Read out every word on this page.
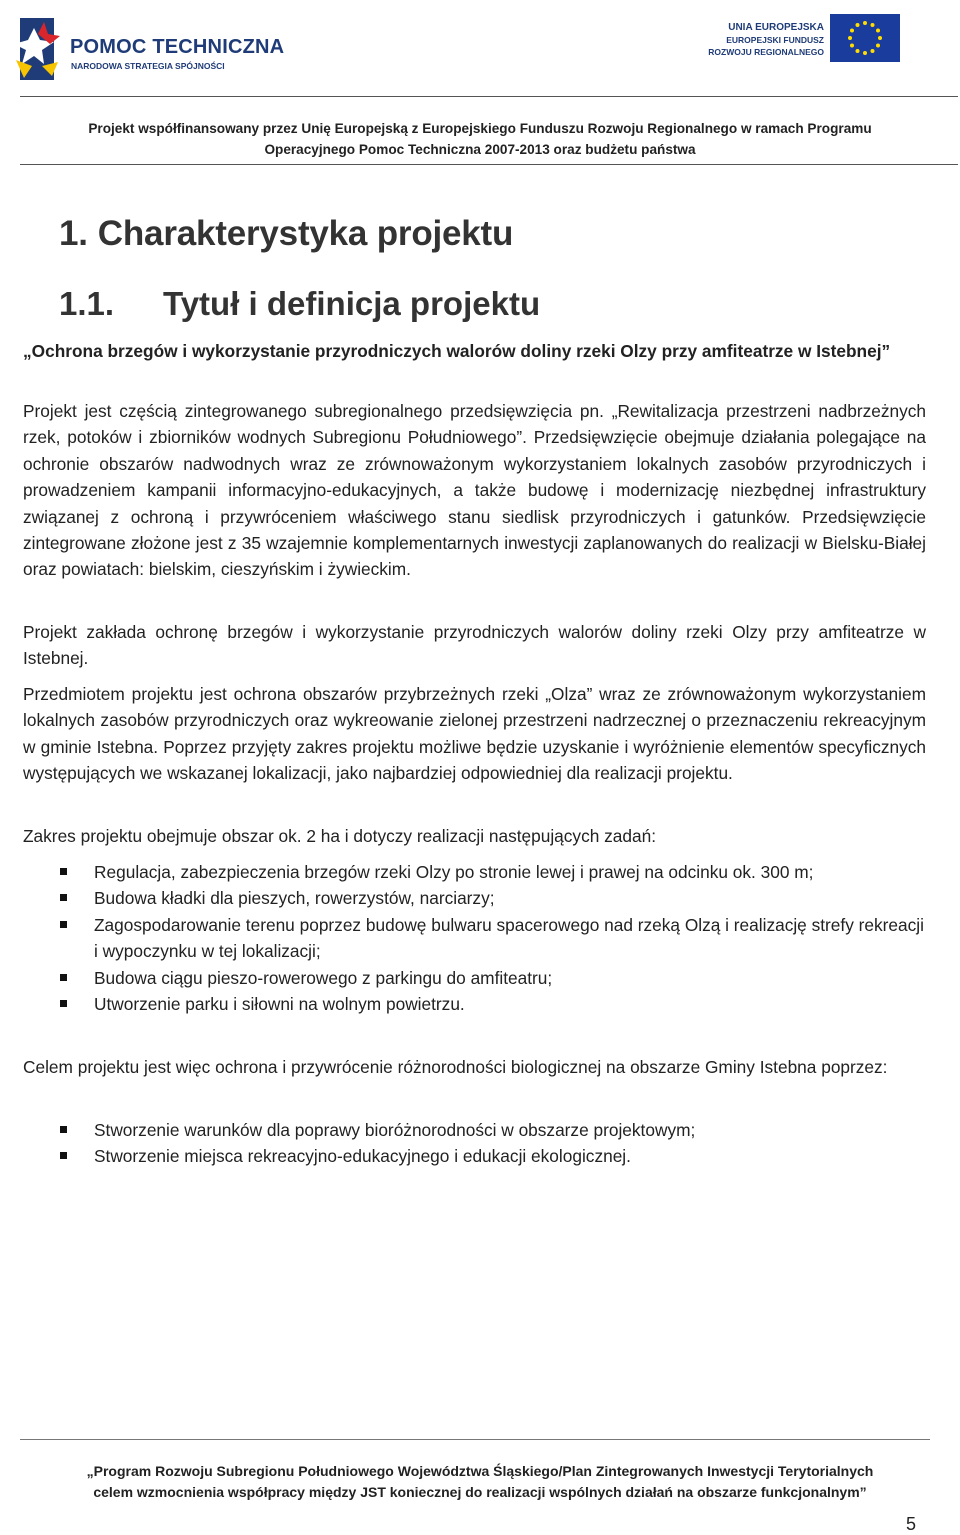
POMOC TECHNICZNA
NARODOWA STRATEGIA SPÓJNOŚCI
UNIA EUROPEJSKA
EUROPEJSKI FUNDUSZ
ROZWOJU REGIONALNEGO
Projekt współfinansowany przez Unię Europejską z Europejskiego Funduszu Rozwoju Regionalnego w ramach Programu
Operacyjnego Pomoc Techniczna 2007-2013 oraz budżetu państwa
1. Charakterystyka projektu
1.1. Tytuł i definicja projektu
„Ochrona brzegów i wykorzystanie przyrodniczych walorów doliny rzeki Olzy przy amfiteatrze w Istebnej”

Projekt jest częścią zintegrowanego subregionalnego przedsięwzięcia pn. „Rewitalizacja przestrzeni nadbrzeżnych rzek, potoków i zbiorników wodnych Subregionu Południowego”. Przedsięwzięcie obejmuje działania polegające na ochronie obszarów nadwodnych wraz ze zrównoważonym wykorzystaniem lokalnych zasobów przyrodniczych i prowadzeniem kampanii informacyjno-edukacyjnych, a także budowę i modernizację niezbędnej infrastruktury związanej z ochroną i przywróceniem właściwego stanu siedlisk przyrodniczych i gatunków. Przedsięwzięcie zintegrowane złożone jest z 35 wzajemnie komplementarnych inwestycji zaplanowanych do realizacji w Bielsku-Białej oraz powiatach: bielskim, cieszyńskim i żywieckim.

Projekt zakłada ochronę brzegów i wykorzystanie przyrodniczych walorów doliny rzeki Olzy przy amfiteatrze w Istebnej.

Przedmiotem projektu jest ochrona obszarów przybrzeżnych rzeki „Olza” wraz ze zrównoważonym wykorzystaniem lokalnych zasobów przyrodniczych oraz wykreowanie zielonej przestrzeni nadrzecznej o przeznaczeniu rekreacyjnym w gminie Istebna. Poprzez przyjęty zakres projektu możliwe będzie uzyskanie i wyróżnienie elementów specyficznych występujących we wskazanej lokalizacji, jako najbardziej odpowiedniej dla realizacji projektu.

Zakres projektu obejmuje obszar ok. 2 ha i dotyczy realizacji następujących zadań:

Regulacja, zabezpieczenia brzegów rzeki Olzy po stronie lewej i prawej na odcinku ok. 300 m;
Budowa kładki dla pieszych, rowerzystów, narciarzy;
Zagospodarowanie terenu poprzez budowę bulwaru spacerowego nad rzeką Olzą i realizację strefy rekreacji i wypoczynku w tej lokalizacji;
Budowa ciągu pieszo-rowerowego z parkingu do amfiteatru;
Utworzenie parku i siłowni na wolnym powietrzu.

Celem projektu jest więc ochrona i przywrócenie różnorodności biologicznej na obszarze Gminy Istebna poprzez:

Stworzenie warunków dla poprawy bioróżnorodności w obszarze projektowym;
Stworzenie miejsca rekreacyjno-edukacyjnego i edukacji ekologicznej.
„Program Rozwoju Subregionu Południowego Województwa Śląskiego/Plan Zintegrowanych Inwestycji Terytorialnych
celem wzmocnienia współpracy między JST koniecznej do realizacji wspólnych działań na obszarze funkcjonalnym”
5
